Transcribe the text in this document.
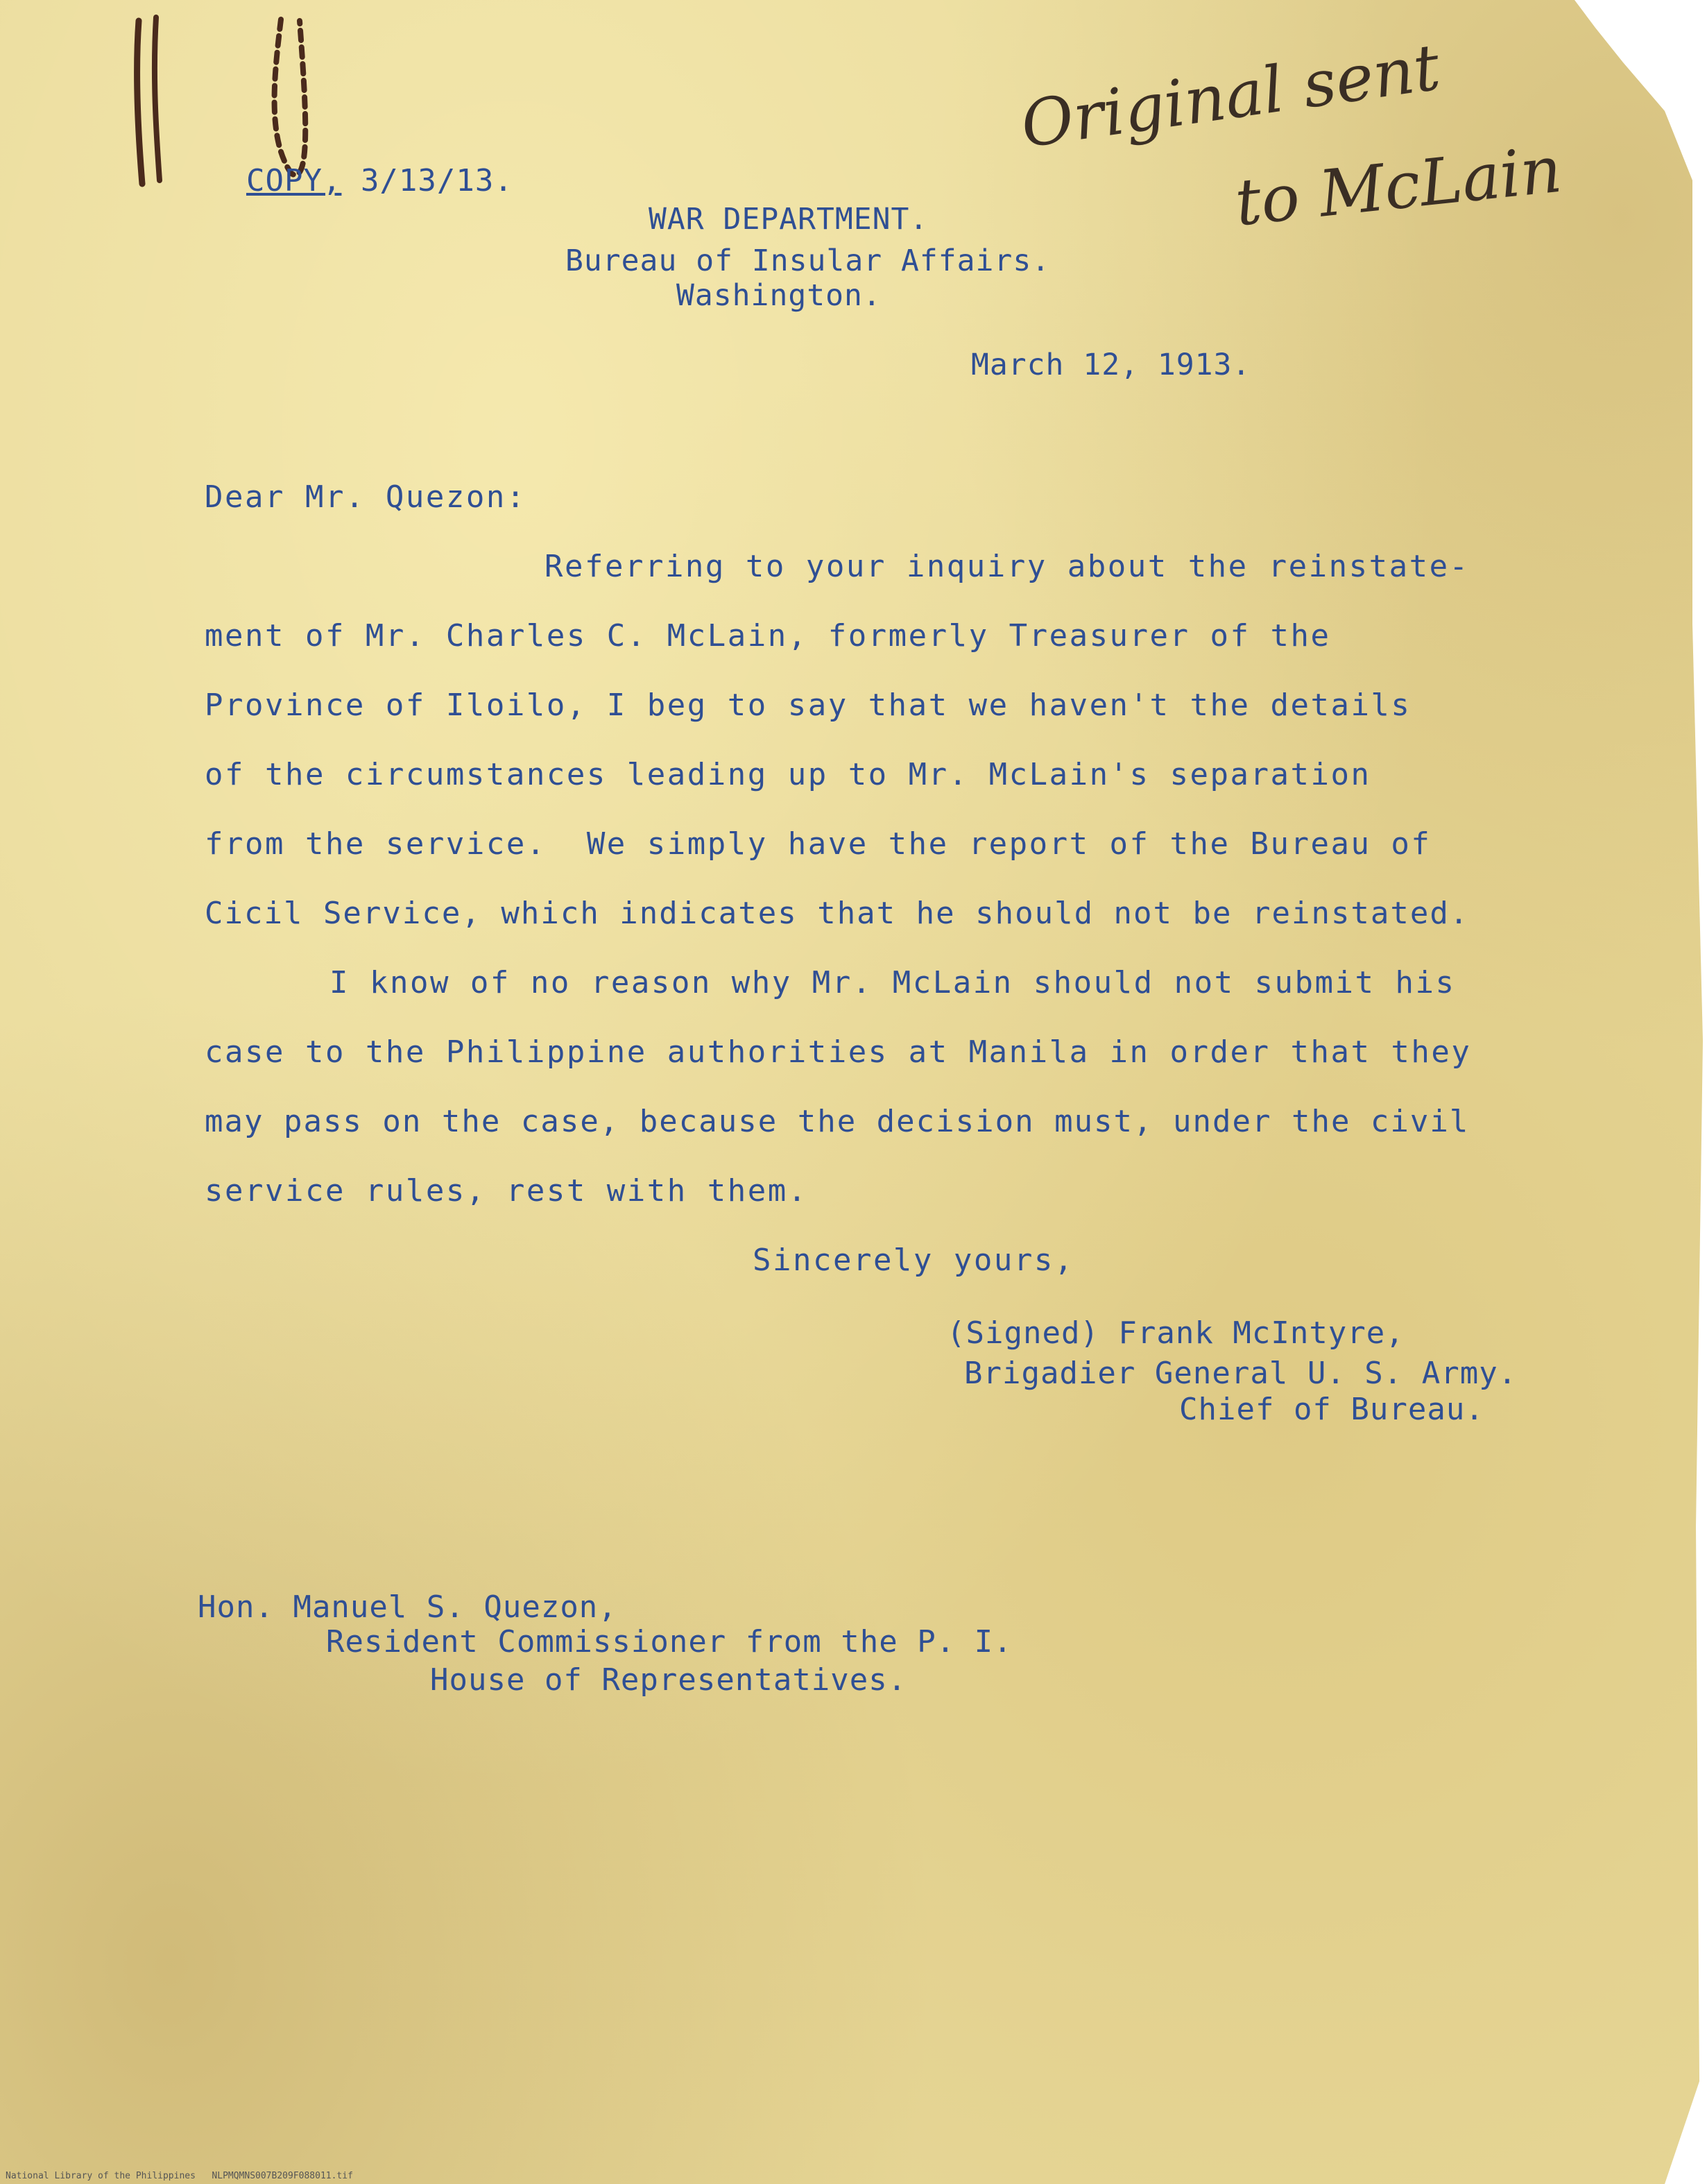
COPY, 3/13/13.

Original sent

to McLain

WAR DEPARTMENT.

Bureau of Insular Affairs.

Washington.

March 12, 1913.

Dear Mr. Quezon:

Referring to your inquiry about the reinstate-

ment of Mr. Charles C. McLain, formerly Treasurer of the

Province of Iloilo, I beg to say that we haven't the details

of the circumstances leading up to Mr. McLain's separation

from the service.  We simply have the report of the Bureau of

Cicil Service, which indicates that he should not be reinstated.

I know of no reason why Mr. McLain should not submit his

case to the Philippine authorities at Manila in order that they

may pass on the case, because the decision must, under the civil

service rules, rest with them.

Sincerely yours,

(Signed) Frank McIntyre,

Brigadier General U. S. Army.

Chief of Bureau.

Hon. Manuel S. Quezon,

Resident Commissioner from the P. I.

House of Representatives.

National Library of the Philippines   NLPMQMNS007B209F088011.tif
